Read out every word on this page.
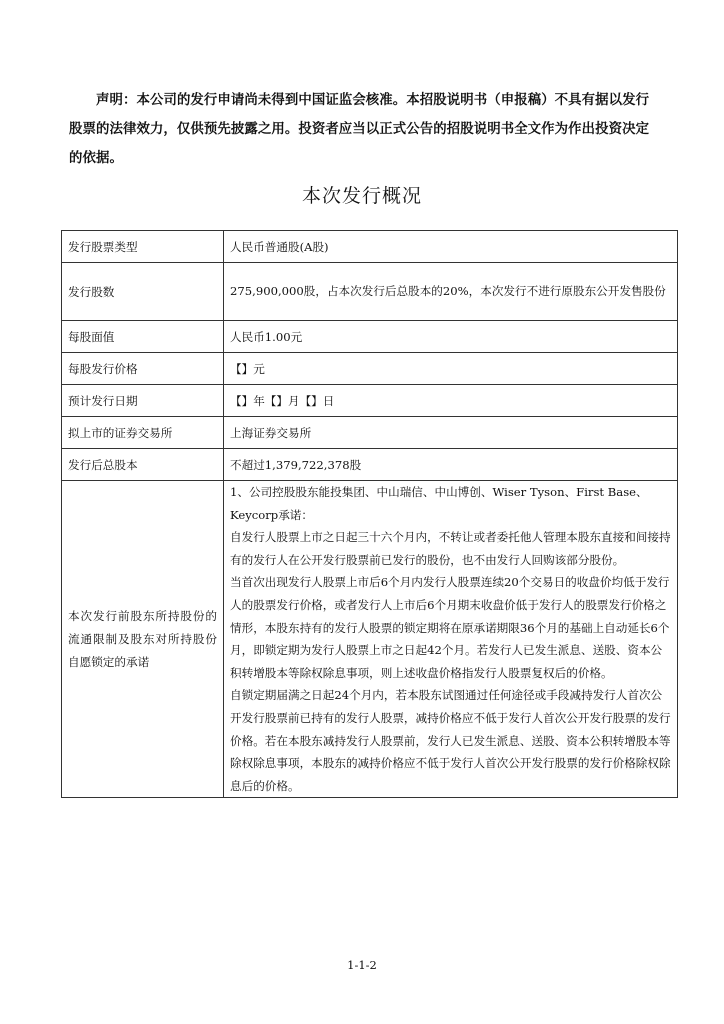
声明：本公司的发行申请尚未得到中国证监会核准。本招股说明书（申报稿）不具有据以发行股票的法律效力，仅供预先披露之用。投资者应当以正式公告的招股说明书全文作为作出投资决定的依据。
本次发行概况
发行股票类型	人民币普通股(A股)
发行股数	275,900,000股，占本次发行后总股本的20%，本次发行不进行原股东公开发售股份
每股面值	人民币1.00元
每股发行价格	【】元
预计发行日期	【】年【】月【】日
拟上市的证券交易所	上海证券交易所
发行后总股本	不超过1,379,722,378股
本次发行前股东所持股份的流通限制及股东对所持股份自愿锁定的承诺	1、公司控股股东能投集团、中山瑞信、中山博创、Wiser Tyson、First Base、Keycorp承诺：

自发行人股票上市之日起三十六个月内，不转让或者委托他人管理本股东直接和间接持有的发行人在公开发行股票前已发行的股份，也不由发行人回购该部分股份。

当首次出现发行人股票上市后6个月内发行人股票连续20个交易日的收盘价均低于发行人的股票发行价格，或者发行人上市后6个月期末收盘价低于发行人的股票发行价格之情形，本股东持有的发行人股票的锁定期将在原承诺期限36个月的基础上自动延长6个月，即锁定期为发行人股票上市之日起42个月。若发行人已发生派息、送股、资本公积转增股本等除权除息事项，则上述收盘价格指发行人股票复权后的价格。

自锁定期届满之日起24个月内，若本股东试图通过任何途径或手段减持发行人首次公开发行股票前已持有的发行人股票，减持价格应不低于发行人首次公开发行股票的发行价格。若在本股东减持发行人股票前，发行人已发生派息、送股、资本公积转增股本等除权除息事项，本股东的减持价格应不低于发行人首次公开发行股票的发行价格除权除息后的价格。

1-1-2
